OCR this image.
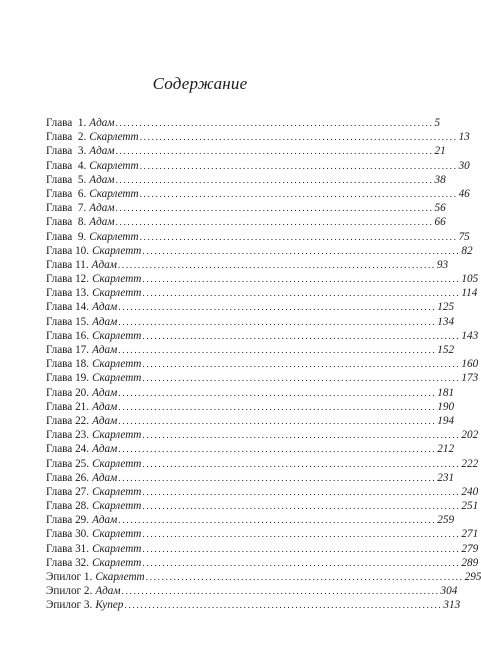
Содержание
Глава  1. Адам ................................................................................ 5
Глава  2. Скарлетт ................................................................................ 13
Глава  3. Адам ................................................................................ 21
Глава  4. Скарлетт ................................................................................ 30
Глава  5. Адам ................................................................................ 38
Глава  6. Скарлетт ................................................................................ 46
Глава  7. Адам ................................................................................ 56
Глава  8. Адам ................................................................................ 66
Глава  9. Скарлетт ................................................................................ 75
Глава 10. Скарлетт ................................................................................ 82
Глава 11. Адам ................................................................................ 93
Глава 12. Скарлетт ................................................................................ 105
Глава 13. Скарлетт ................................................................................ 114
Глава 14. Адам ................................................................................ 125
Глава 15. Адам ................................................................................ 134
Глава 16. Скарлетт ................................................................................ 143
Глава 17. Адам ................................................................................ 152
Глава 18. Скарлетт ................................................................................ 160
Глава 19. Скарлетт ................................................................................ 173
Глава 20. Адам ................................................................................ 181
Глава 21. Адам ................................................................................ 190
Глава 22. Адам ................................................................................ 194
Глава 23. Скарлетт ................................................................................ 202
Глава 24. Адам ................................................................................ 212
Глава 25. Скарлетт ................................................................................ 222
Глава 26. Адам ................................................................................ 231
Глава 27. Скарлетт ................................................................................ 240
Глава 28. Скарлетт ................................................................................ 251
Глава 29. Адам ................................................................................ 259
Глава 30. Скарлетт ................................................................................ 271
Глава 31. Скарлетт ................................................................................ 279
Глава 32. Скарлетт ................................................................................ 289
Эпилог 1. Скарлетт ................................................................................ 295
Эпилог 2. Адам ................................................................................ 304
Эпилог 3. Купер ................................................................................ 313
